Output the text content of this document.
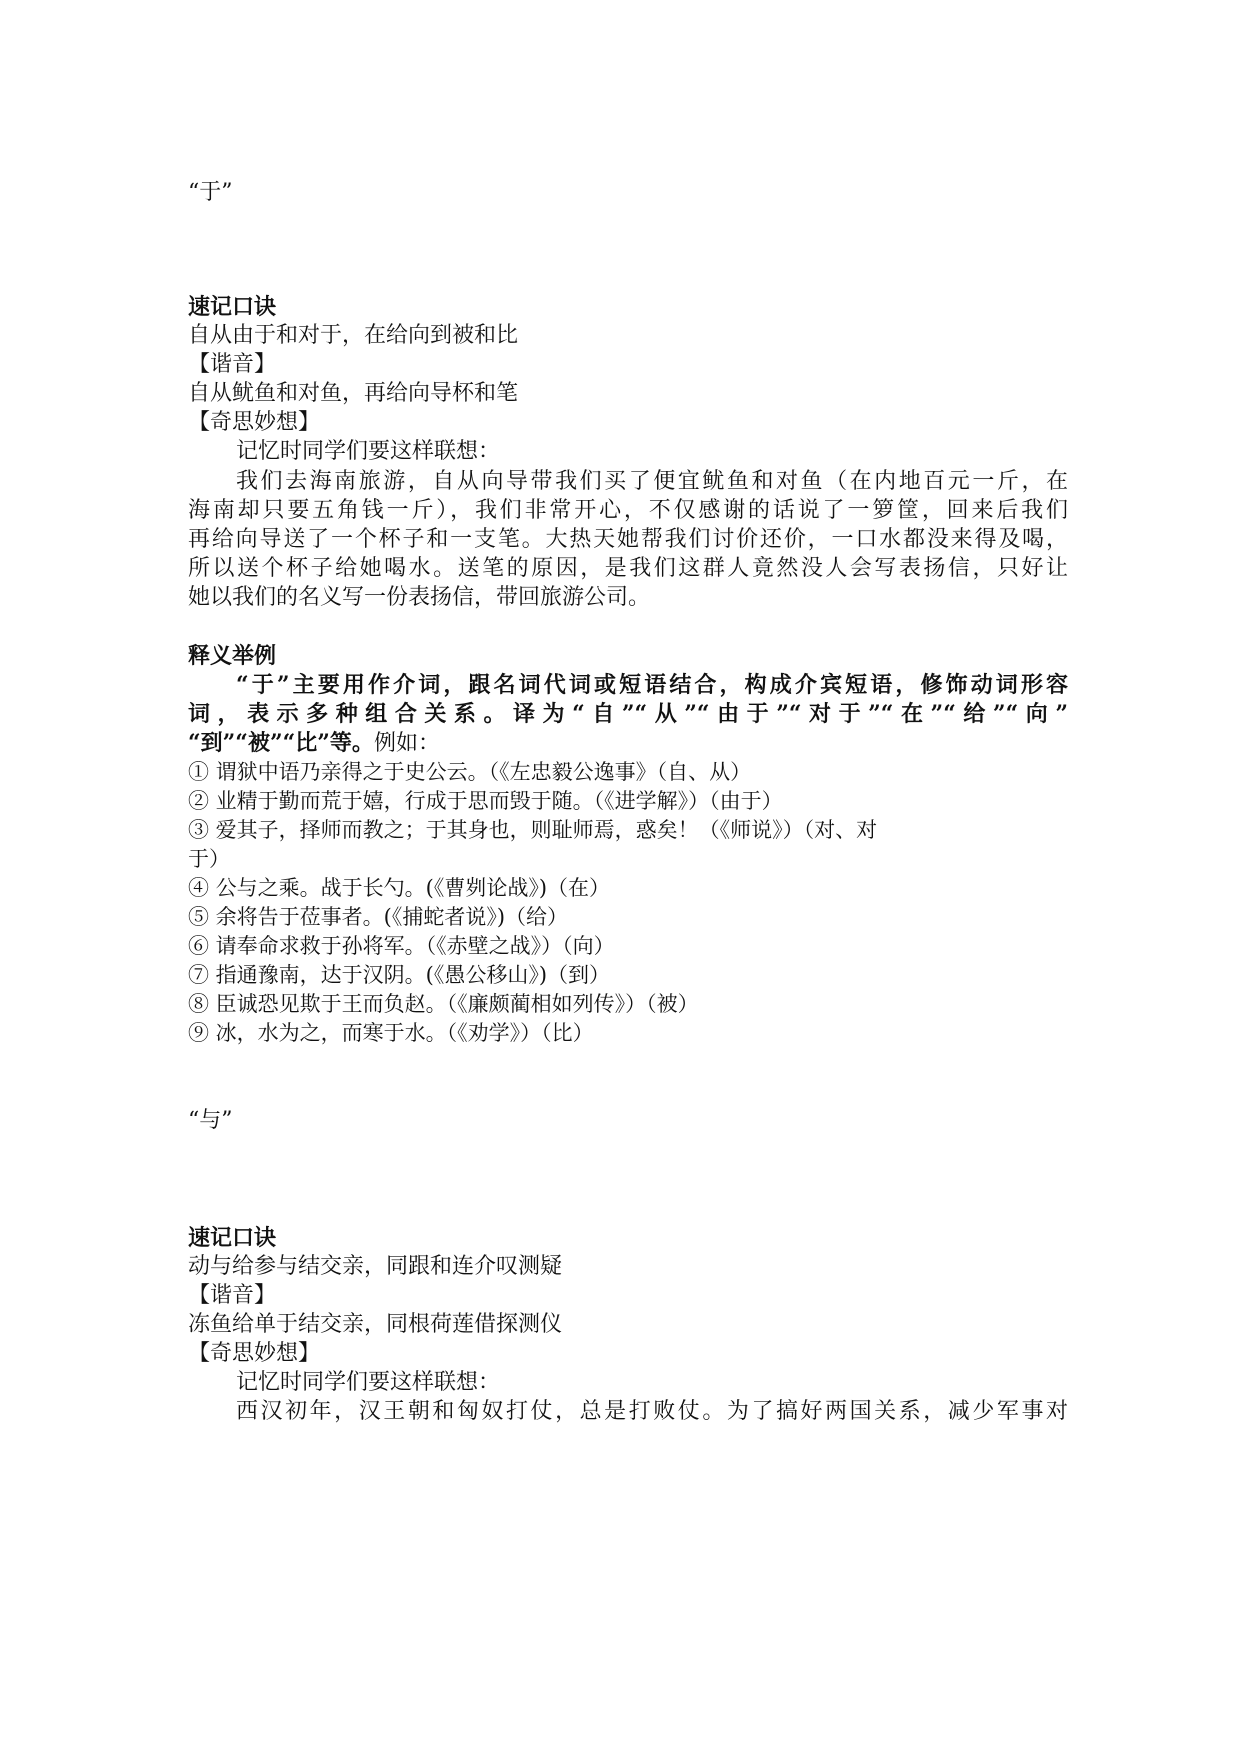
“于”
速记口诀
自从由于和对于，在给向到被和比
【谐音】
自从鱿鱼和对鱼，再给向导杯和笔
【奇思妙想】
记忆时同学们要这样联想：
我们去海南旅游，自从向导带我们买了便宜鱿鱼和对鱼（在内地百元一斤，在
海南却只要五角钱一斤），我们非常开心，不仅感谢的话说了一箩筐，回来后我们
再给向导送了一个杯子和一支笔。大热天她帮我们讨价还价，一口水都没来得及喝，
所以送个杯子给她喝水。送笔的原因，是我们这群人竟然没人会写表扬信，只好让
她以我们的名义写一份表扬信，带回旅游公司。
释义举例
“于”主要用作介词，跟名词代词或短语结合，构成介宾短语，修饰动词形容
词，表示多种组合关系。译为“自”“从”“由于”“对于”“在”“给”“向”
“到”“被”“比”等。例如：
① 谓狱中语乃亲得之于史公云。（《左忠毅公逸事》（自、从）
② 业精于勤而荒于嬉，行成于思而毁于随。（《进学解》）（由于）
③ 爱其子，择师而教之；于其身也，则耻师焉，惑矣！（《师说》）（对、对
于）
④ 公与之乘。战于长勺。(《曹刿论战》)（在）
⑤ 余将告于莅事者。(《捕蛇者说》)（给）
⑥ 请奉命求救于孙将军。（《赤壁之战》）（向）
⑦ 指通豫南，达于汉阴。(《愚公移山》)（到）
⑧ 臣诚恐见欺于王而负赵。（《廉颇蔺相如列传》）（被）
⑨ 冰，水为之，而寒于水。（《劝学》）（比）
“与”
速记口诀
动与给参与结交亲，同跟和连介叹测疑
【谐音】
冻鱼给单于结交亲，同根荷莲借探测仪
【奇思妙想】
记忆时同学们要这样联想：
西汉初年，汉王朝和匈奴打仗，总是打败仗。为了搞好两国关系，减少军事对
